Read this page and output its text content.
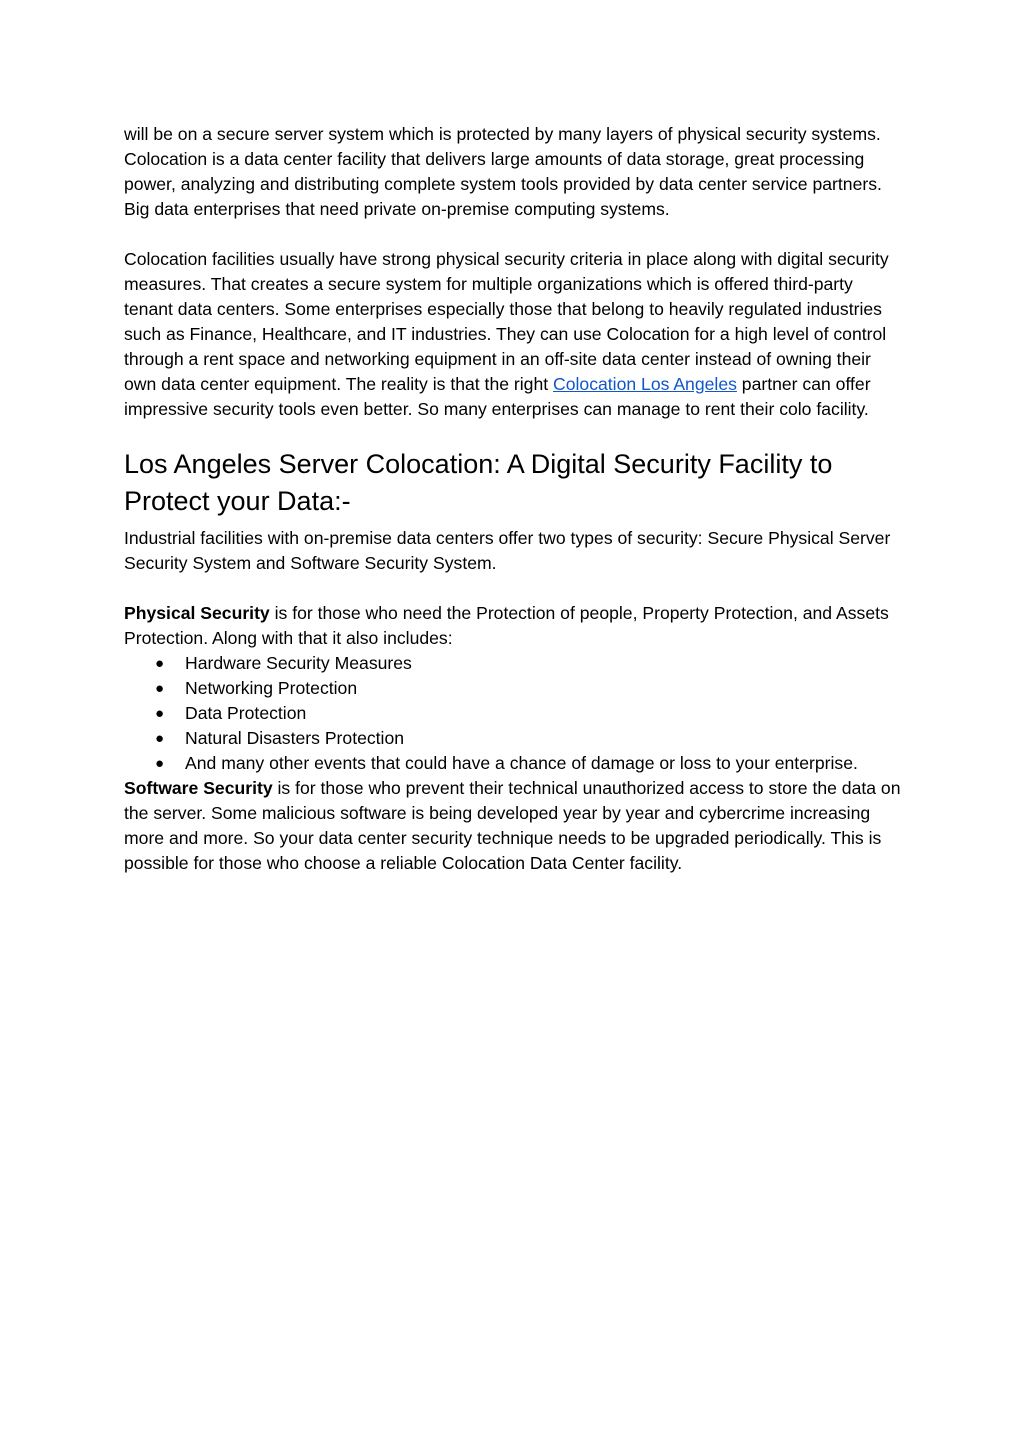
will be on a secure server system which is protected by many layers of physical security systems. Colocation is a data center facility that delivers large amounts of data storage, great processing power, analyzing and distributing complete system tools provided by data center service partners. Big data enterprises that need private on-premise computing systems.

Colocation facilities usually have strong physical security criteria in place along with digital security measures. That creates a secure system for multiple organizations which is offered third-party tenant data centers. Some enterprises especially those that belong to heavily regulated industries such as Finance, Healthcare, and IT industries. They can use Colocation for a high level of control through a rent space and networking equipment in an off-site data center instead of owning their own data center equipment. The reality is that the right Colocation Los Angeles partner can offer impressive security tools even better. So many enterprises can manage to rent their colo facility.

Los Angeles Server Colocation: A Digital Security Facility to Protect your Data:-

Industrial facilities with on-premise data centers offer two types of security: Secure Physical Server Security System and Software Security System.

Physical Security is for those who need the Protection of people, Property Protection, and Assets Protection. Along with that it also includes:

● Hardware Security Measures
● Networking Protection
● Data Protection
● Natural Disasters Protection
● And many other events that could have a chance of damage or loss to your enterprise.

Software Security is for those who prevent their technical unauthorized access to store the data on the server. Some malicious software is being developed year by year and cybercrime increasing more and more. So your data center security technique needs to be upgraded periodically. This is possible for those who choose a reliable Colocation Data Center facility.
